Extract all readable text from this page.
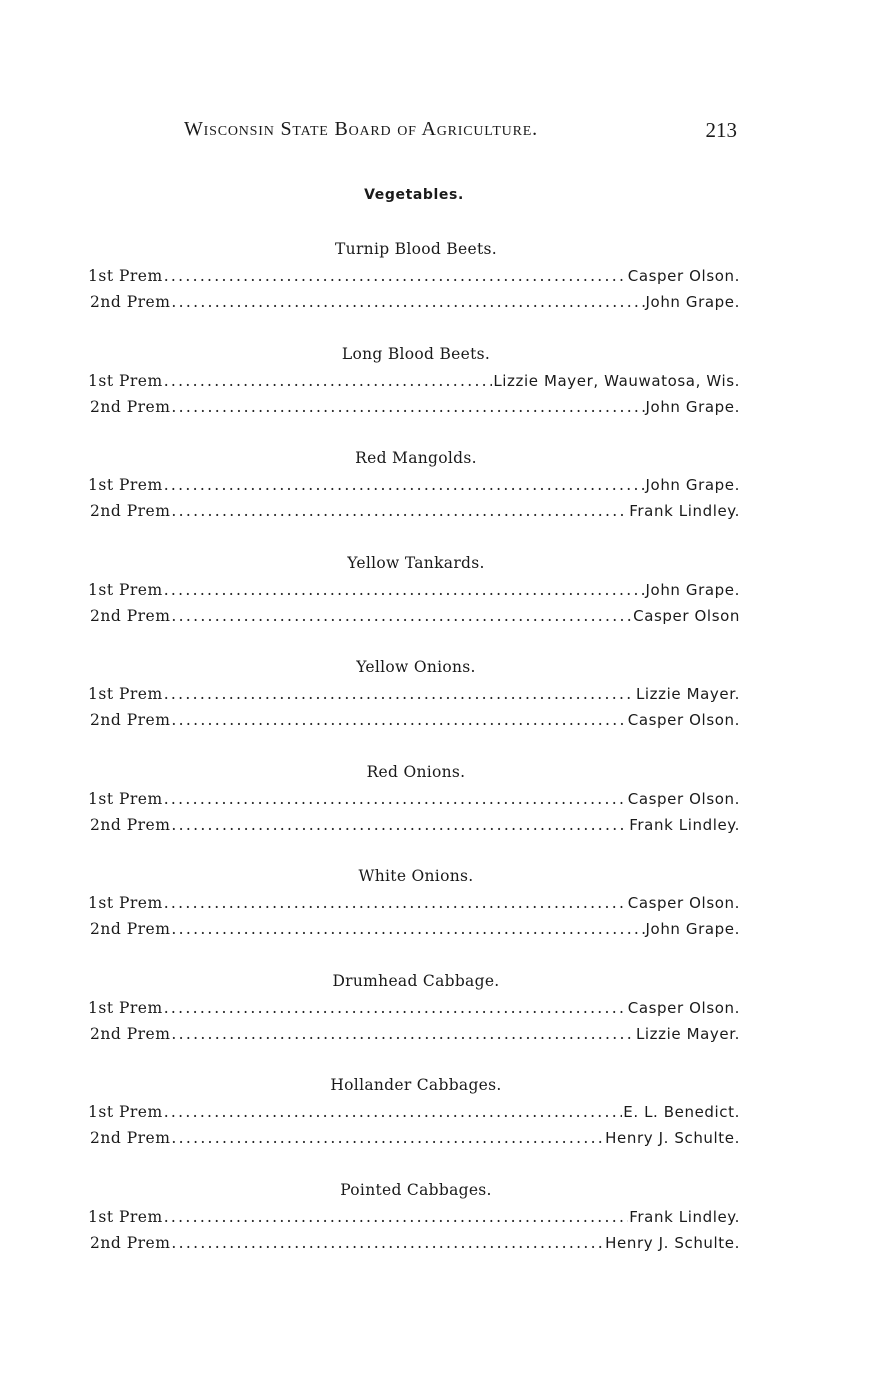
Wisconsin State Board of Agriculture.	213
Vegetables.
Turnip Blood Beets.
1st Prem .....	Casper Olson.
2nd Prem .....	John Grape.
Long Blood Beets.
1st Prem .....	Lizzie Mayer, Wauwatosa, Wis.
2nd Prem .....	John Grape.
Red Mangolds.
1st Prem .....	John Grape.
2nd Prem .....	Frank Lindley.
Yellow Tankards.
1st Prem .....	John Grape.
2nd Prem .....	Casper Olson
Yellow Onions.
1st Prem .....	Lizzie Mayer.
2nd Prem .....	Casper Olson.
Red Onions.
1st Prem .....	Casper Olson.
2nd Prem .....	Frank Lindley.
White Onions.
1st Prem .....	Casper Olson.
2nd Prem .....	John Grape.
Drumhead Cabbage.
1st Prem .....	Casper Olson.
2nd Prem .....	Lizzie Mayer.
Hollander Cabbages.
1st Prem .....	E. L. Benedict.
2nd Prem .....	Henry J. Schulte.
Pointed Cabbages.
1st Prem .....	Frank Lindley.
2nd Prem .....	Henry J. Schulte.
